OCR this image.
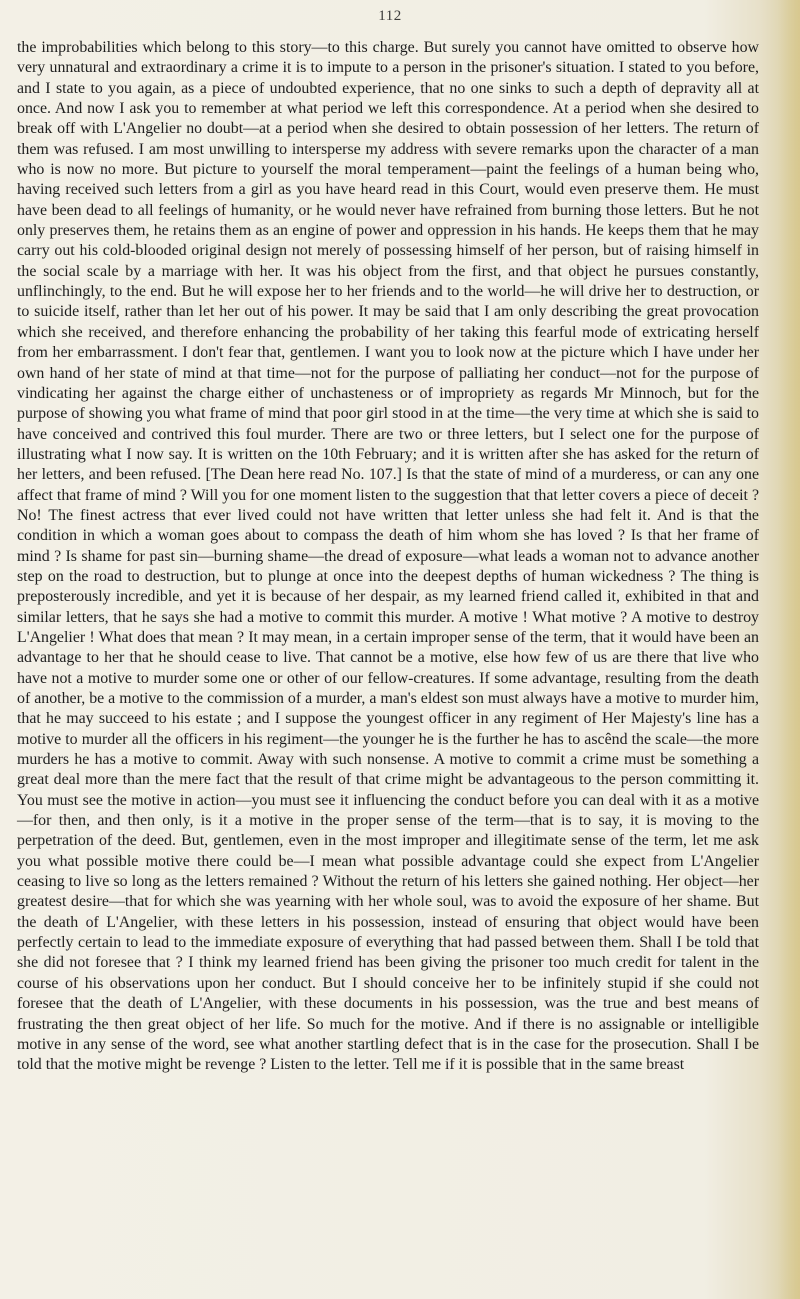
112

the improbabilities which belong to this story—to this charge. But surely you cannot have omitted to observe how very unnatural and extraordinary a crime it is to impute to a person in the prisoner's situation. I stated to you before, and I state to you again, as a piece of undoubted experience, that no one sinks to such a depth of depravity all at once. And now I ask you to remember at what period we left this correspondence. At a period when she desired to break off with L'Angelier no doubt—at a period when she desired to obtain possession of her letters. The return of them was refused. I am most unwilling to intersperse my address with severe remarks upon the character of a man who is now no more. But picture to yourself the moral temperament—paint the feelings of a human being who, having received such letters from a girl as you have heard read in this Court, would even preserve them. He must have been dead to all feelings of humanity, or he would never have refrained from burning those letters. But he not only preserves them, he retains them as an engine of power and oppression in his hands. He keeps them that he may carry out his cold-blooded original design not merely of possessing himself of her person, but of raising himself in the social scale by a marriage with her. It was his object from the first, and that object he pursues constantly, unflinchingly, to the end. But he will expose her to her friends and to the world—he will drive her to destruction, or to suicide itself, rather than let her out of his power. It may be said that I am only describing the great provocation which she received, and therefore enhancing the probability of her taking this fearful mode of extricating herself from her embarrassment. I don't fear that, gentlemen. I want you to look now at the picture which I have under her own hand of her state of mind at that time—not for the purpose of palliating her conduct—not for the purpose of vindicating her against the charge either of unchasteness or of impropriety as regards Mr Minnoch, but for the purpose of showing you what frame of mind that poor girl stood in at the time—the very time at which she is said to have conceived and contrived this foul murder. There are two or three letters, but I select one for the purpose of illustrating what I now say. It is written on the 10th February; and it is written after she has asked for the return of her letters, and been refused. [The Dean here read No. 107.] Is that the state of mind of a murderess, or can any one affect that frame of mind ? Will you for one moment listen to the suggestion that that letter covers a piece of deceit ? No! The finest actress that ever lived could not have written that letter unless she had felt it. And is that the condition in which a woman goes about to compass the death of him whom she has loved ? Is that her frame of mind ? Is shame for past sin—burning shame—the dread of exposure—what leads a woman not to advance another step on the road to destruction, but to plunge at once into the deepest depths of human wickedness ? The thing is preposterously incredible, and yet it is because of her despair, as my learned friend called it, exhibited in that and similar letters, that he says she had a motive to commit this murder. A motive ! What motive ? A motive to destroy L'Angelier ! What does that mean ? It may mean, in a certain improper sense of the term, that it would have been an advantage to her that he should cease to live. That cannot be a motive, else how few of us are there that live who have not a motive to murder some one or other of our fellow-creatures. If some advantage, resulting from the death of another, be a motive to the commission of a murder, a man's eldest son must always have a motive to murder him, that he may succeed to his estate ; and I suppose the youngest officer in any regiment of Her Majesty's line has a motive to murder all the officers in his regiment—the younger he is the further he has to ascênd the scale—the more murders he has a motive to commit. Away with such nonsense. A motive to commit a crime must be something a great deal more than the mere fact that the result of that crime might be advantageous to the person committing it. You must see the motive in action—you must see it influencing the conduct before you can deal with it as a motive—for then, and then only, is it a motive in the proper sense of the term—that is to say, it is moving to the perpetration of the deed. But, gentlemen, even in the most improper and illegitimate sense of the term, let me ask you what possible motive there could be—I mean what possible advantage could she expect from L'Angelier ceasing to live so long as the letters remained ? Without the return of his letters she gained nothing. Her object—her greatest desire—that for which she was yearning with her whole soul, was to avoid the exposure of her shame. But the death of L'Angelier, with these letters in his possession, instead of ensuring that object would have been perfectly certain to lead to the immediate exposure of everything that had passed between them. Shall I be told that she did not foresee that ? I think my learned friend has been giving the prisoner too much credit for talent in the course of his observations upon her conduct. But I should conceive her to be infinitely stupid if she could not foresee that the death of L'Angelier, with these documents in his possession, was the true and best means of frustrating the then great object of her life. So much for the motive. And if there is no assignable or intelligible motive in any sense of the word, see what another startling defect that is in the case for the prosecution. Shall I be told that the motive might be revenge ? Listen to the letter. Tell me if it is possible that in the same breast
